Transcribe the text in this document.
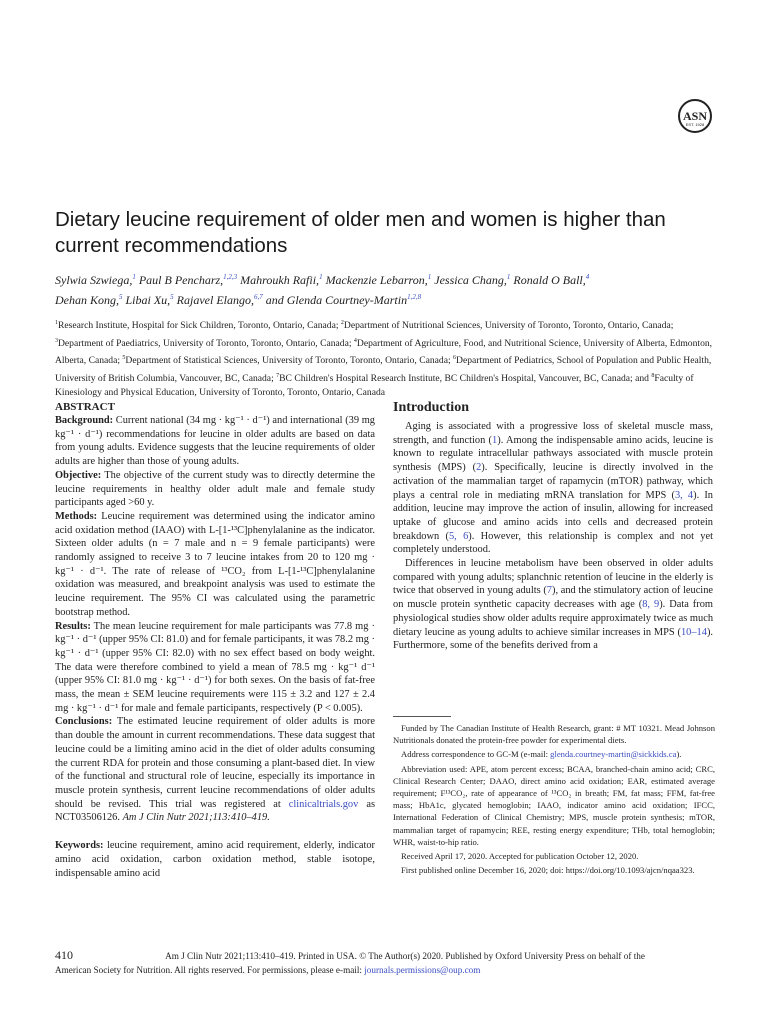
ASN
EST. 1928
Dietary leucine requirement of older men and women is higher than current recommendations

Sylwia Szwiega,$^1$ Paul B Pencharz,$^{1,2,3}$ Mahroukh Rafii,$^1$ Mackenzie Lebarron,$^1$ Jessica Chang,$^1$ Ronald O Ball,$^4$
Dehan Kong,$^5$ Libai Xu,$^5$ Rajavel Elango,$^{6,7}$ and Glenda Courtney-Martin$^{1,2,8}$

$^1$Research Institute, Hospital for Sick Children, Toronto, Ontario, Canada; $^2$Department of Nutritional Sciences, University of Toronto, Toronto, Ontario, Canada; $^3$Department of Paediatrics, University of Toronto, Toronto, Ontario, Canada; $^4$Department of Agriculture, Food, and Nutritional Science, University of Alberta, Edmonton, Alberta, Canada; $^5$Department of Statistical Sciences, University of Toronto, Toronto, Ontario, Canada; $^6$Department of Pediatrics, School of Population and Public Health, University of British Columbia, Vancouver, BC, Canada; $^7$BC Children's Hospital Research Institute, BC Children's Hospital, Vancouver, BC, Canada; and $^8$Faculty of Kinesiology and Physical Education, University of Toronto, Toronto, Ontario, Canada

ABSTRACT

Background: Current national (34 mg · kg⁻¹ · d⁻¹) and international (39 mg kg⁻¹ · d⁻¹) recommendations for leucine in older adults are based on data from young adults. Evidence suggests that the leucine requirements of older adults are higher than those of young adults.

Objective: The objective of the current study was to directly determine the leucine requirements in healthy older adult male and female study participants aged >60 y.

Methods: Leucine requirement was determined using the indicator amino acid oxidation method (IAAO) with L-[1-¹³C]phenylalanine as the indicator. Sixteen older adults (n = 7 male and n = 9 female participants) were randomly assigned to receive 3 to 7 leucine intakes from 20 to 120 mg · kg⁻¹ · d⁻¹. The rate of release of ¹³CO₂ from L-[1-¹³C]phenylalanine oxidation was measured, and breakpoint analysis was used to estimate the leucine requirement. The 95% CI was calculated using the parametric bootstrap method.

Results: The mean leucine requirement for male participants was 77.8 mg · kg⁻¹ · d⁻¹ (upper 95% CI: 81.0) and for female participants, it was 78.2 mg · kg⁻¹ · d⁻¹ (upper 95% CI: 82.0) with no sex effect based on body weight. The data were therefore combined to yield a mean of 78.5 mg · kg⁻¹ d⁻¹ (upper 95% CI: 81.0 mg · kg⁻¹ · d⁻¹) for both sexes. On the basis of fat-free mass, the mean ± SEM leucine requirements were 115 ± 3.2 and 127 ± 2.4 mg · kg⁻¹ · d⁻¹ for male and female participants, respectively (P < 0.005).

Conclusions: The estimated leucine requirement of older adults is more than double the amount in current recommendations. These data suggest that leucine could be a limiting amino acid in the diet of older adults consuming the current RDA for protein and those consuming a plant-based diet. In view of the functional and structural role of leucine, especially its importance in muscle protein synthesis, current leucine recommendations of older adults should be revised. This trial was registered at clinicaltrials.gov as NCT03506126. Am J Clin Nutr 2021;113:410–419.

Keywords: leucine requirement, amino acid requirement, elderly, indicator amino acid oxidation, carbon oxidation method, stable isotope, indispensable amino acid

Introduction

Aging is associated with a progressive loss of skeletal muscle mass, strength, and function (1). Among the indispensable amino acids, leucine is known to regulate intracellular pathways associated with muscle protein synthesis (MPS) (2). Specifically, leucine is directly involved in the activation of the mammalian target of rapamycin (mTOR) pathway, which plays a central role in mediating mRNA translation for MPS (3, 4). In addition, leucine may improve the action of insulin, allowing for increased uptake of glucose and amino acids into cells and decreased protein breakdown (5, 6). However, this relationship is complex and not yet completely understood.

Differences in leucine metabolism have been observed in older adults compared with young adults; splanchnic retention of leucine in the elderly is twice that observed in young adults (7), and the stimulatory action of leucine on muscle protein synthetic capacity decreases with age (8, 9). Data from physiological studies show older adults require approximately twice as much dietary leucine as young adults to achieve similar increases in MPS (10–14). Furthermore, some of the benefits derived from a

Funded by The Canadian Institute of Health Research, grant: # MT 10321. Mead Johnson Nutritionals donated the protein-free powder for experimental diets.

Address correspondence to GC-M (e-mail: glenda.courtney-martin@sickkids.ca).

Abbreviation used: APE, atom percent excess; BCAA, branched-chain amino acid; CRC, Clinical Research Center; DAAO, direct amino acid oxidation; EAR, estimated average requirement; F¹³CO₂, rate of appearance of ¹³CO₂ in breath; FM, fat mass; FFM, fat-free mass; HbA1c, glycated hemoglobin; IAAO, indicator amino acid oxidation; IFCC, International Federation of Clinical Chemistry; MPS, muscle protein synthesis; mTOR, mammalian target of rapamycin; REE, resting energy expenditure; THb, total hemoglobin; WHR, waist-to-hip ratio.

Received April 17, 2020. Accepted for publication October 12, 2020.

First published online December 16, 2020; doi: https://doi.org/10.1093/ajcn/nqaa323.

410	Am J Clin Nutr 2021;113:410–419. Printed in USA. © The Author(s) 2020. Published by Oxford University Press on behalf of the
American Society for Nutrition. All rights reserved. For permissions, please e-mail: journals.permissions@oup.com
